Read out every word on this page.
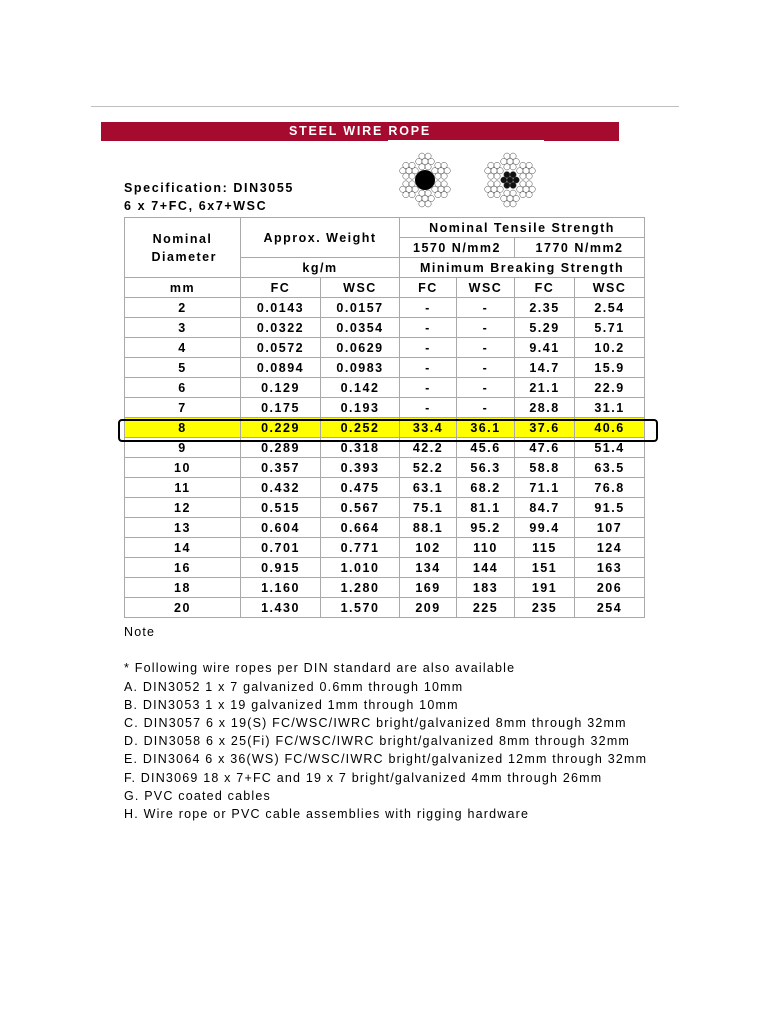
STEEL WIRE ROPE
Specification: DIN3055
6 x 7+FC, 6x7+WSC
Nominal Diameter	Approx. Weight		Nominal Tensile Strength			
			1570 N/mm2		1770 N/mm2	
	kg/m		Minimum Breaking Strength			
mm	FC	WSC	FC	WSC	FC	WSC
2	0.0143	0.0157	-	-	2.35	2.54
3	0.0322	0.0354	-	-	5.29	5.71
4	0.0572	0.0629	-	-	9.41	10.2
5	0.0894	0.0983	-	-	14.7	15.9
6	0.129	0.142	-	-	21.1	22.9
7	0.175	0.193	-	-	28.8	31.1
8	0.229	0.252	33.4	36.1	37.6	40.6
9	0.289	0.318	42.2	45.6	47.6	51.4
10	0.357	0.393	52.2	56.3	58.8	63.5
11	0.432	0.475	63.1	68.2	71.1	76.8
12	0.515	0.567	75.1	81.1	84.7	91.5
13	0.604	0.664	88.1	95.2	99.4	107
14	0.701	0.771	102	110	115	124
16	0.915	1.010	134	144	151	163
18	1.160	1.280	169	183	191	206
20	1.430	1.570	209	225	235	254
Note
* Following wire ropes per DIN standard are also available
A. DIN3052 1 x 7 galvanized 0.6mm through 10mm
B. DIN3053 1 x 19 galvanized 1mm through 10mm
C. DIN3057 6 x 19(S) FC/WSC/IWRC bright/galvanized 8mm through 32mm
D. DIN3058 6 x 25(Fi) FC/WSC/IWRC bright/galvanized 8mm through 32mm
E. DIN3064 6 x 36(WS) FC/WSC/IWRC bright/galvanized 12mm through 32mm
F. DIN3069 18 x 7+FC and 19 x 7 bright/galvanized 4mm through 26mm
G. PVC coated cables
H. Wire rope or PVC cable assemblies with rigging hardware
